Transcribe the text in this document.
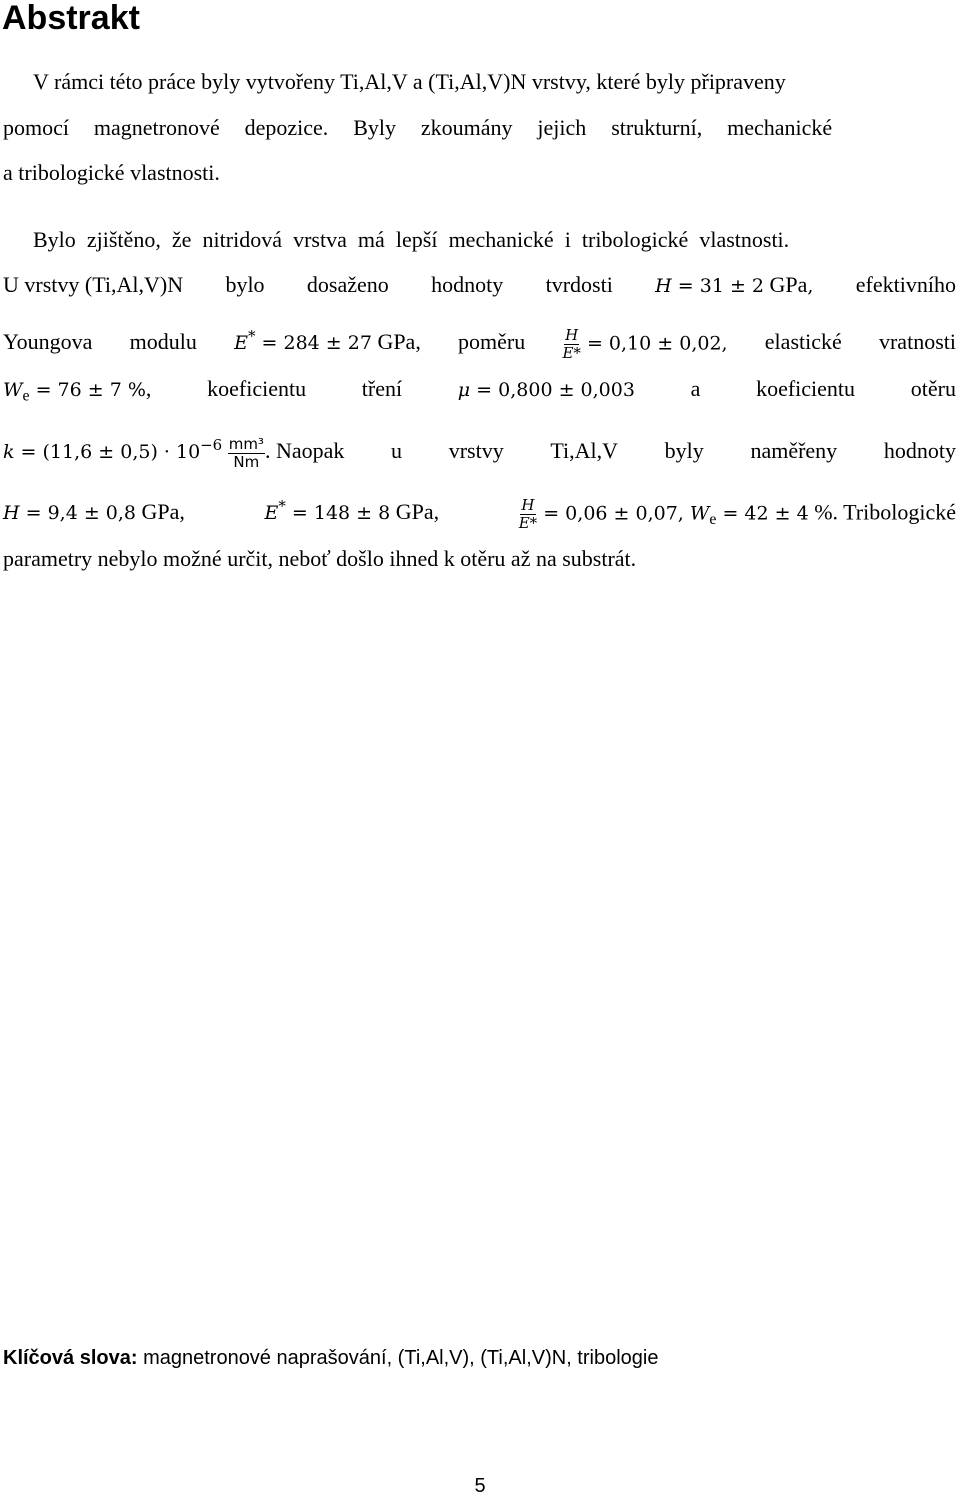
Abstrakt
V rámci této práce byly vytvořeny Ti,Al,V a (Ti,Al,V)N vrstvy, které byly připraveny
pomocí magnetronové depozice. Byly zkoumány jejich strukturní, mechanické
a tribologické vlastnosti.
Bylo zjištěno, že nitridová vrstva má lepší mechanické i tribologické vlastnosti.
U vrstvy (Ti,Al,V)N bylo dosaženo hodnoty tvrdosti H = 31 ± 2 GPa, efektivního
Youngova modulu E* = 284 ± 27 GPa, poměru $\frac{H}{E*} = 0,10 \pm 0,02$, elastické vratnosti
$W_e = 76 \pm 7$ %,	koeficientu	tření	μ = 0,800 ± 0,003	a	koeficientu	otěru
$k = (11,6 \pm 0,5) \cdot 10^{-6} \frac{\text{mm³}}{Nm}$ . Naopak u vrstvy Ti,Al,V byly naměřeny hodnoty
H = 9,4 ± 0,8 GPa,	E* = 148 ± 8 GPa,	$\frac{H}{E*} = 0,06 \pm 0,07$, $W_e = 42 \pm 4$ %. Tribologické
parametry nebylo možné určit, neboť došlo ihned k otěru až na substrát.
Klíčová slova: magnetronové naprašování, (Ti,Al,V), (Ti,Al,V)N, tribologie
5
